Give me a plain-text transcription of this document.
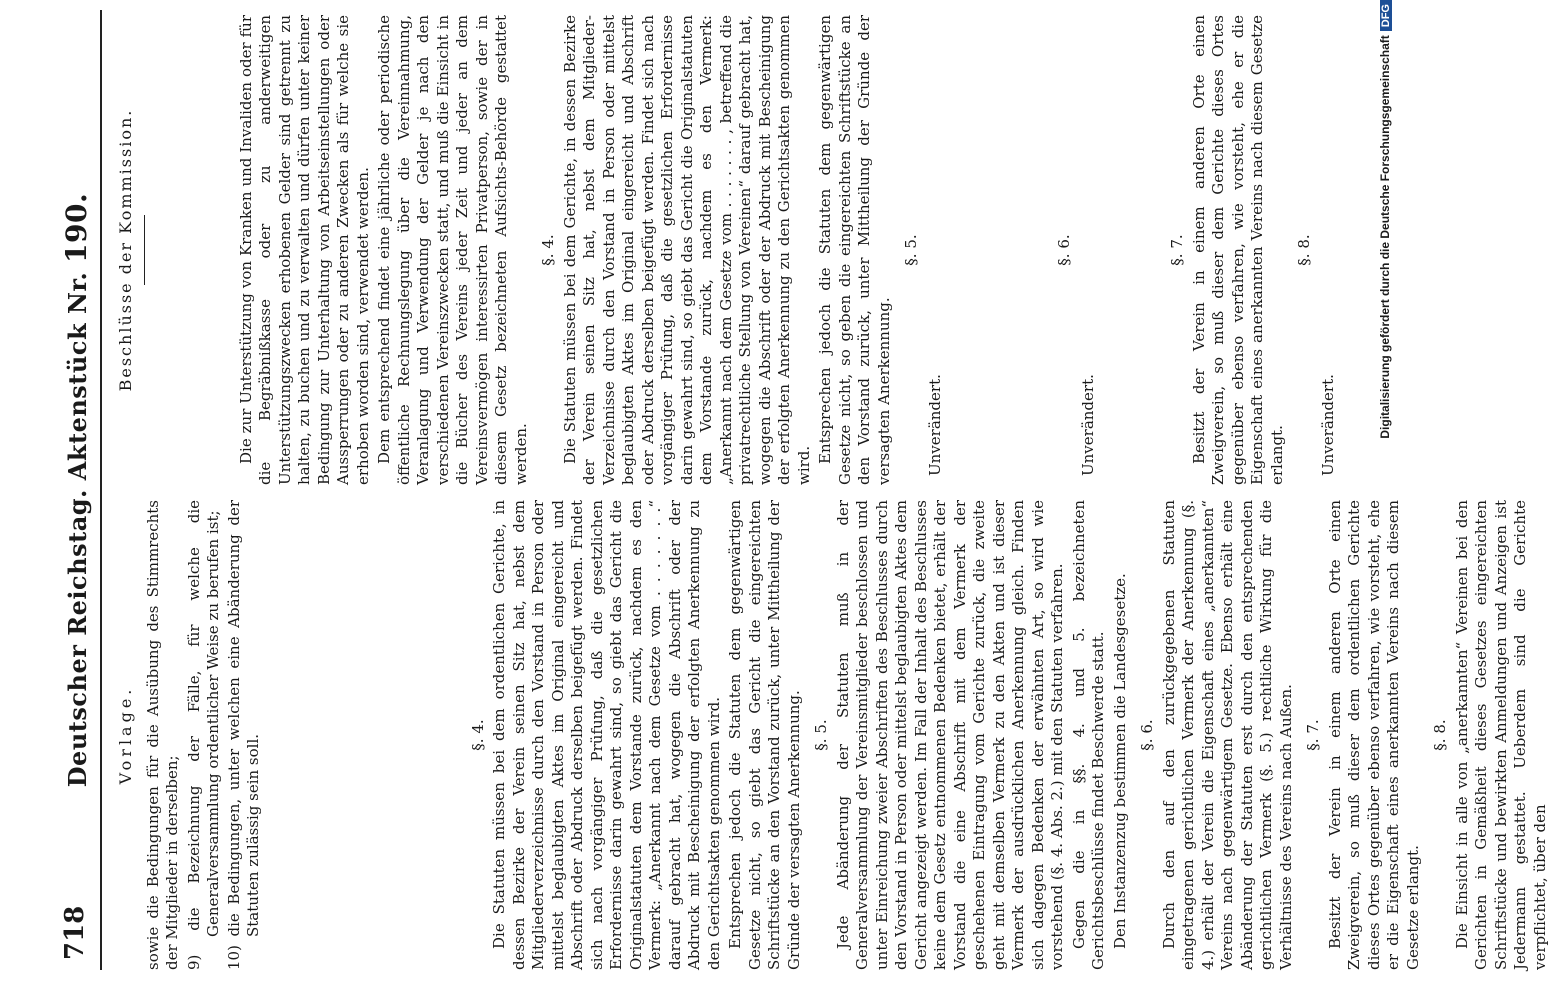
718
Deutscher Reichstag. Aktenstück Nr. 190.
Vorlage. sowie die Bedingungen für die Ausübung des Stimmrechts der Mitglieder in derselben; 9) die Bezeichnung der Fälle, für welche die Generalversammlung ordentlicher Weise zu berufen ist; 10) die Bedingungen, unter welchen eine Abänderung der Statuten zulässig sein soll.	§. 4. Die Statuten müssen bei dem ordentlichen Gerichte, in dessen Bezirke der Verein seinen Sitz hat, nebst dem Mitgliederverzeichnisse durch den Vorstand in Person oder mittelst beglaubigten Aktes im Original eingereicht und Abschrift oder Abdruck derselben beigefügt werden. Findet sich nach vorgängiger Prüfung, daß die gesetzlichen Erfordernisse darin gewahrt sind, so giebt das Gericht die Originalstatuten dem Vorstande zurück, nachdem es den Vermerk: „Anerkannt nach dem Gesetze vom . . . . . . .“ darauf gebracht hat, wogegen die Abschrift oder der Abdruck mit Bescheinigung der erfolgten Anerkennung zu den Gerichtsakten genommen wird. Entsprechen jedoch die Statuten dem gegenwärtigen Gesetze nicht, so giebt das Gericht die eingereichten Schriftstücke an den Vorstand zurück, unter Mittheilung der Gründe der versagten Anerkennung. §. 5. Jede Abänderung der Statuten muß in der Generalversammlung der Vereinsmitglieder beschlossen und unter Einreichung zweier Abschriften des Beschlusses durch den Vorstand in Person oder mittelst beglaubigten Aktes dem Gericht angezeigt werden. Im Fall der Inhalt des Beschlusses keine dem Gesetz entnommenen Bedenken bietet, erhält der Vorstand die eine Abschrift mit dem Vermerk der geschehenen Eintragung vom Gerichte zurück, die zweite geht mit demselben Vermerk zu den Akten und ist dieser Vermerk der ausdrücklichen Anerkennung gleich. Finden sich dagegen Bedenken der erwähnten Art, so wird wie vorstehend (§. 4. Abs. 2.) mit den Statuten verfahren. Gegen die in §§. 4. und 5. bezeichneten Gerichtsbeschlüsse findet Beschwerde statt. Den Instanzenzug bestimmen die Landesgesetze. §. 6. Durch den auf den zurückgegebenen Statuten eingetragenen gerichtlichen Vermerk der Anerkennung (§. 4.) erhält der Verein die Eigenschaft eines „anerkannten“ Vereins nach gegenwärtigem Gesetze. Ebenso erhält eine Abänderung der Statuten erst durch den entsprechenden gerichtlichen Vermerk (§. 5.) rechtliche Wirkung für die Verhältnisse des Vereins nach Außen. §. 7. Besitzt der Verein in einem anderen Orte einen Zweigverein, so muß dieser dem ordentlichen Gerichte dieses Ortes gegenüber ebenso verfahren, wie vorsteht, ehe er die Eigenschaft eines anerkannten Vereins nach diesem Gesetze erlangt.

§. 8. Die Einsicht in alle von „anerkannten“ Vereinen bei den Gerichten in Gemäßheit dieses Gesetzes eingereichten Schriftstücke und bewirkten Anmeldungen und Anzeigen ist Jedermann gestattet. Ueberdem sind die Gerichte verpflichtet, über den

Beschlüsse der Kommission.	Die zur Unterstützung von Kranken und Invaliden oder für die Begräbnißkasse oder zu anderweitigen Unterstützungszwecken erhobenen Gelder sind getrennt zu halten, zu buchen und zu verwalten und dürfen unter keiner Bedingung zur Unterhaltung von Arbeitseinstellungen oder Aussperrungen oder zu anderen Zwecken als für welche sie erhoben worden sind, verwendet werden. Dem entsprechend findet eine jährliche oder periodische öffentliche Rechnungslegung über die Vereinnahmung, Veranlagung und Verwendung der Gelder je nach den verschiedenen Vereinszwecken statt, und muß die Einsicht in die Bücher des Vereins jeder Zeit und jeder an dem Vereinsvermögen interessirten Privatperson, sowie der in diesem Gesetz bezeichneten Aufsichts-Behörde gestattet werden.

§. 4. Die Statuten müssen bei dem Gerichte, in dessen Bezirke der Verein seinen Sitz hat, nebst dem Mitglieder-Verzeichnisse durch den Vorstand in Person oder mittelst beglaubigten Aktes im Original eingereicht und Abschrift oder Abdruck derselben beigefügt werden. Findet sich nach vorgängiger Prüfung, daß die gesetzlichen Erfordernisse darin gewahrt sind, so giebt das Gericht die Originalstatuten dem Vorstande zurück, nachdem es den Vermerk: „Anerkannt nach dem Gesetze vom . . . . . . . , betreffend die privatrechtliche Stellung von Vereinen“ darauf gebracht hat, wogegen die Abschrift oder der Abdruck mit Bescheinigung der erfolgten Anerkennung zu den Gerichtsakten genommen wird.

Entsprechen jedoch die Statuten dem gegenwärtigen Gesetze nicht, so geben die eingereichten Schriftstücke an den Vorstand zurück, unter Mittheilung der Gründe der versagten Anerkennung.

§. 5.
Unverändert.
§. 6.
Unverändert.
§. 7. Besitzt der Verein in einem anderen Orte einen Zweigverein, so muß dieser dem Gerichte dieses Ortes gegenüber ebenso verfahren, wie vorsteht, ehe er die Eigenschaft eines anerkannten Vereins nach diesem Gesetze erlangt.

§. 8.
Unverändert.	Digitalisierung gefördert durch die Deutsche ForschungsgemeinschaftDFG
